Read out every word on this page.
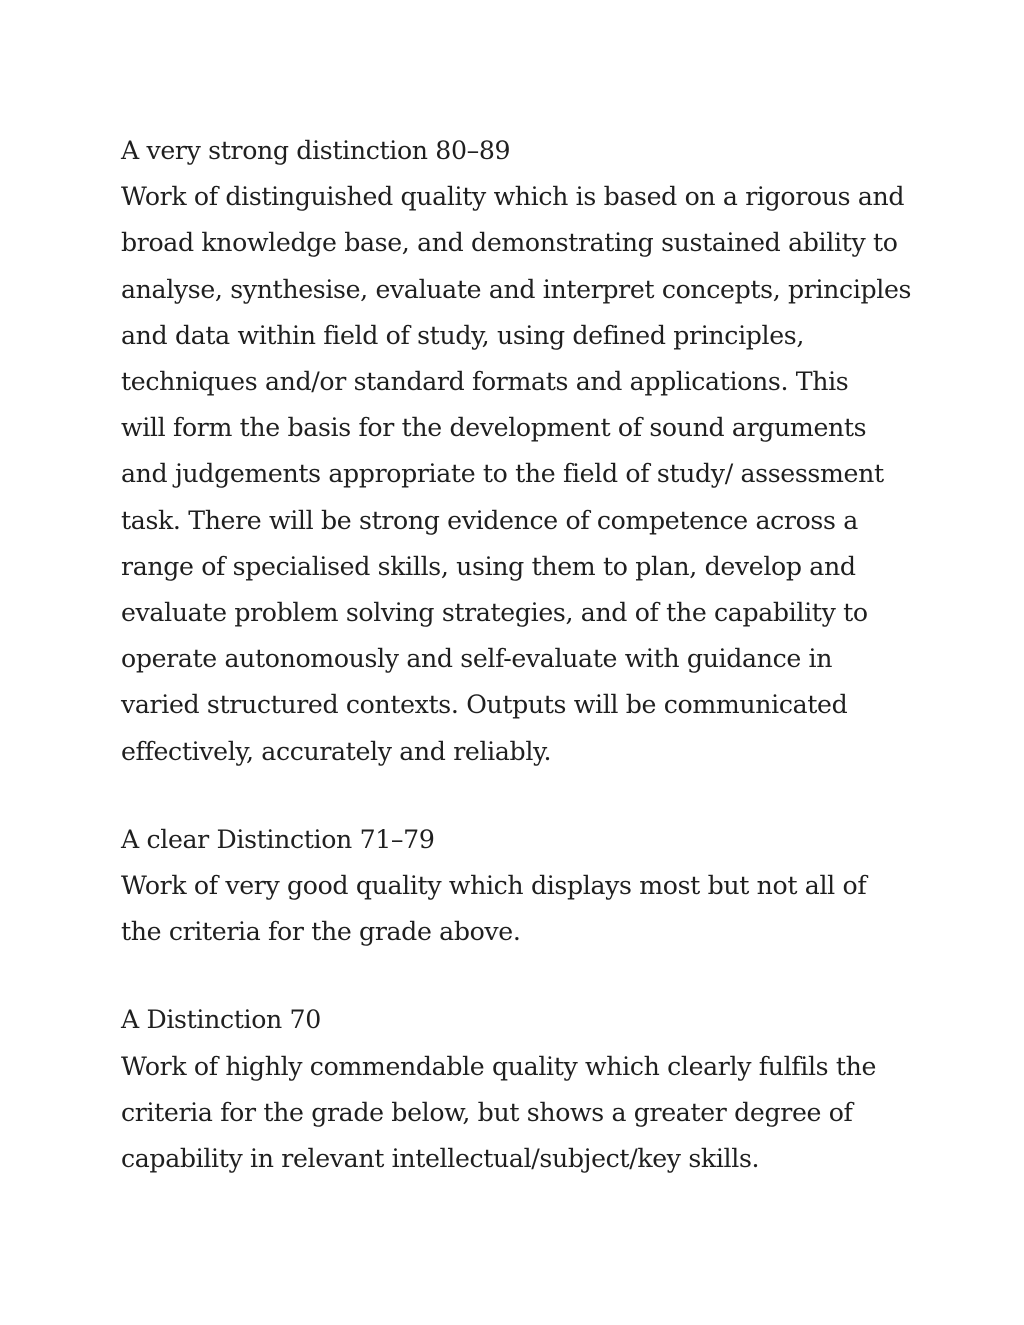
A very strong distinction 80–89

Work of distinguished quality which is based on a rigorous and
broad knowledge base, and demonstrating sustained ability to
analyse, synthesise, evaluate and interpret concepts, principles
and data within field of study, using defined principles,
techniques and/or standard formats and applications. This
will form the basis for the development of sound arguments
and judgements appropriate to the field of study/ assessment
task. There will be strong evidence of competence across a
range of specialised skills, using them to plan, develop and
evaluate problem solving strategies, and of the capability to
operate autonomously and self-evaluate with guidance in
varied structured contexts. Outputs will be communicated
effectively, accurately and reliably.

A clear Distinction 71–79

Work of very good quality which displays most but not all of
the criteria for the grade above.

A Distinction 70

Work of highly commendable quality which clearly fulfils the
criteria for the grade below, but shows a greater degree of
capability in relevant intellectual/subject/key skills.
